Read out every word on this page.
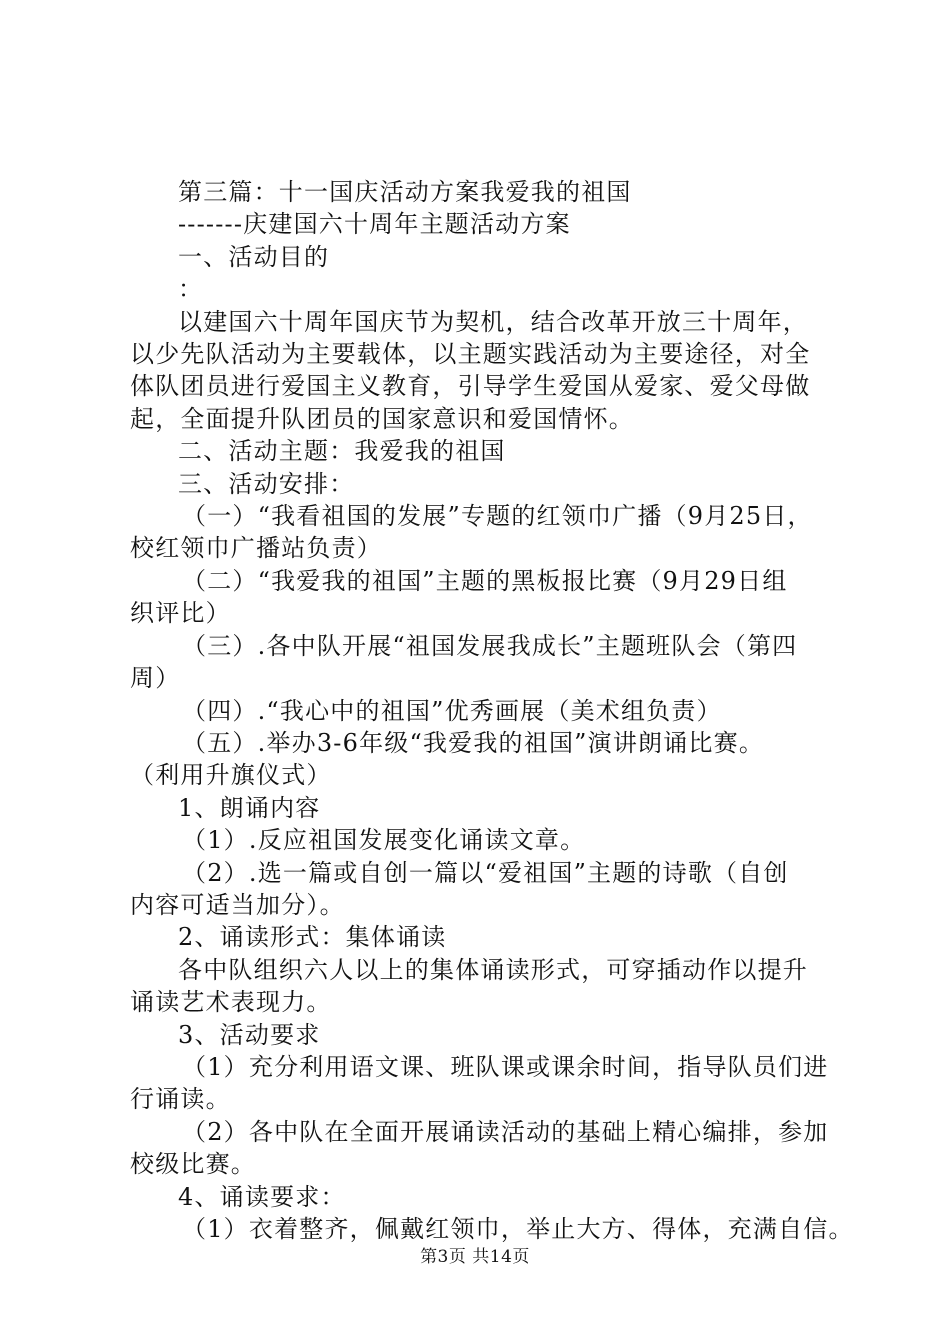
第三篇：十一国庆活动方案我爱我的祖国

-------庆建国六十周年主题活动方案

一、活动目的

：

以建国六十周年国庆节为契机，结合改革开放三十周年，

以少先队活动为主要载体，以主题实践活动为主要途径，对全

体队团员进行爱国主义教育，引导学生爱国从爱家、爱父母做

起，全面提升队团员的国家意识和爱国情怀。

二、活动主题：我爱我的祖国

三、活动安排：

（一）“我看祖国的发展”专题的红领巾广播（9月25日，

校红领巾广播站负责）

（二）“我爱我的祖国”主题的黑板报比赛（9月29日组

织评比）

（三）.各中队开展“祖国发展我成长”主题班队会（第四

周）

（四）.“我心中的祖国”优秀画展（美术组负责）

（五）.举办3-6年级“我爱我的祖国”演讲朗诵比赛。

（利用升旗仪式）

1、朗诵内容

（1）.反应祖国发展变化诵读文章。

（2）.选一篇或自创一篇以“爱祖国”主题的诗歌（自创

内容可适当加分）。

2、诵读形式：集体诵读

各中队组织六人以上的集体诵读形式，可穿插动作以提升

诵读艺术表现力。

3、活动要求

（1）充分利用语文课、班队课或课余时间，指导队员们进

行诵读。

（2）各中队在全面开展诵读活动的基础上精心编排，参加

校级比赛。

4、诵读要求：

（1）衣着整齐，佩戴红领巾，举止大方、得体，充满自信。

第3页 共14页
